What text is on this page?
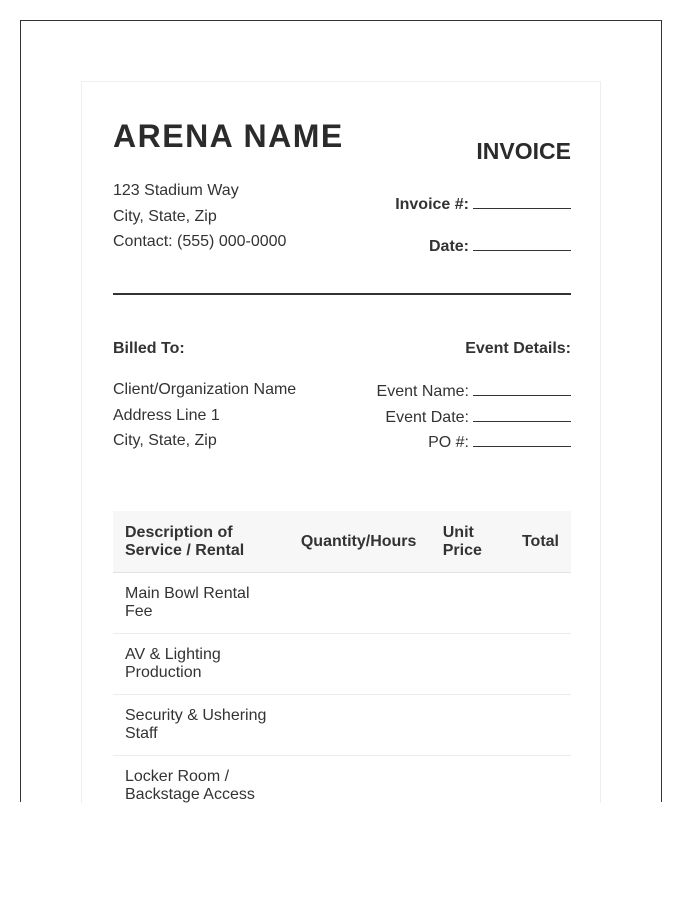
ARENA NAME	INVOICE
123 Stadium Way
City, State, Zip
Contact: (555) 000-0000
Invoice #:
Date:
Billed To:	Event Details:
Client/Organization Name
Address Line 1
City, State, Zip
Event Name:
Event Date:
PO #:
Description of Service / Rental	Quantity/Hours	Unit Price	Total
Main Bowl Rental Fee			
AV & Lighting Production			
Security & Ushering Staff			
Locker Room / Backstage Access			
